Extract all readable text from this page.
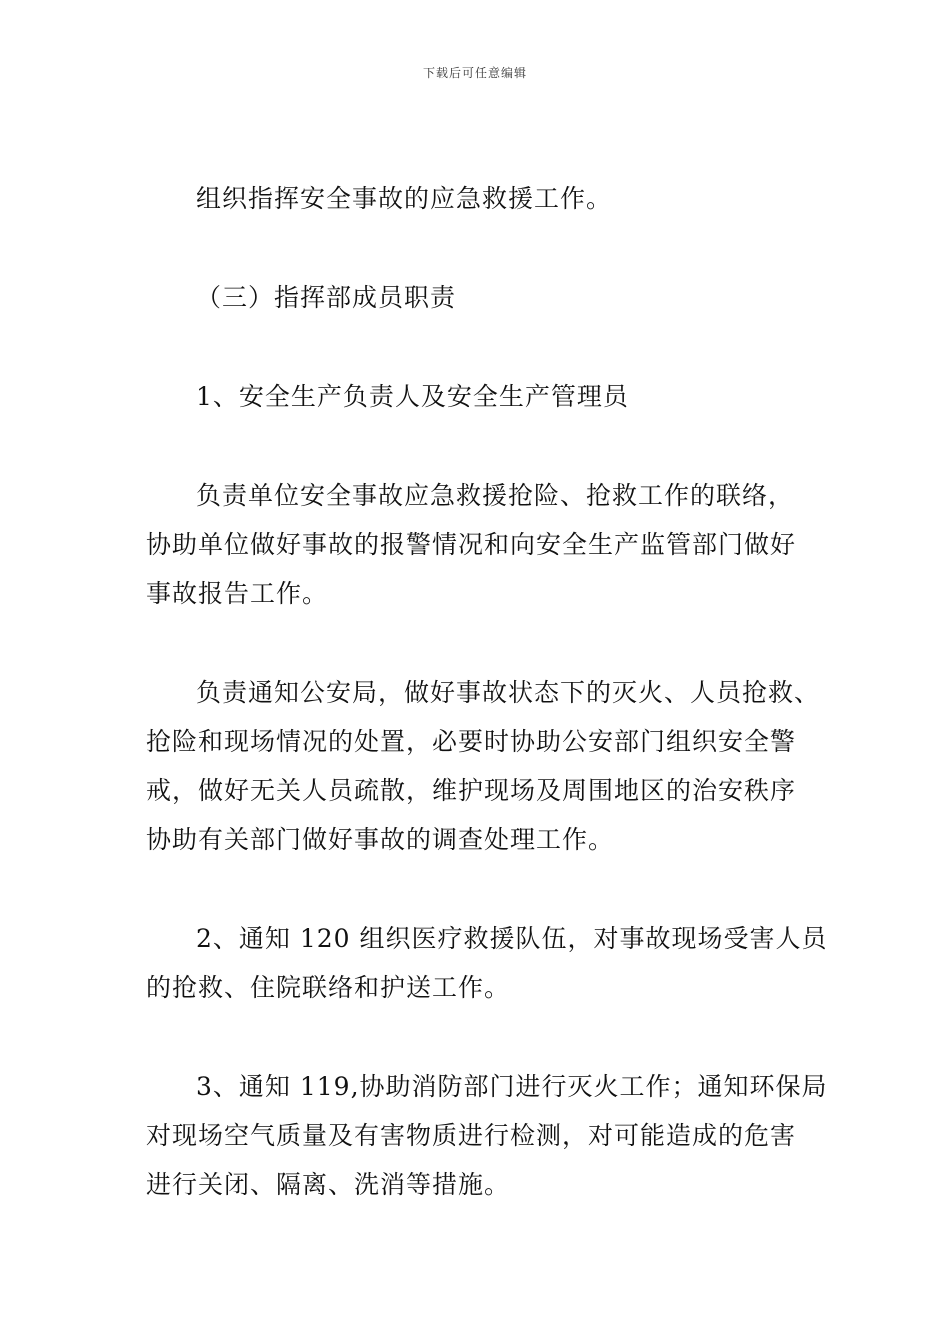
下载后可任意编辑

组织指挥安全事故的应急救援工作。

（三）指挥部成员职责

1、安全生产负责人及安全生产管理员

负责单位安全事故应急救援抢险、抢救工作的联络，

协助单位做好事故的报警情况和向安全生产监管部门做好

事故报告工作。

负责通知公安局，做好事故状态下的灭火、人员抢救、

抢险和现场情况的处置，必要时协助公安部门组织安全警

戒，做好无关人员疏散，维护现场及周围地区的治安秩序

协助有关部门做好事故的调查处理工作。

2、通知 120 组织医疗救援队伍，对事故现场受害人员

的抢救、住院联络和护送工作。

3、通知 119,协助消防部门进行灭火工作；通知环保局

对现场空气质量及有害物质进行检测，对可能造成的危害

进行关闭、隔离、洗消等措施。
